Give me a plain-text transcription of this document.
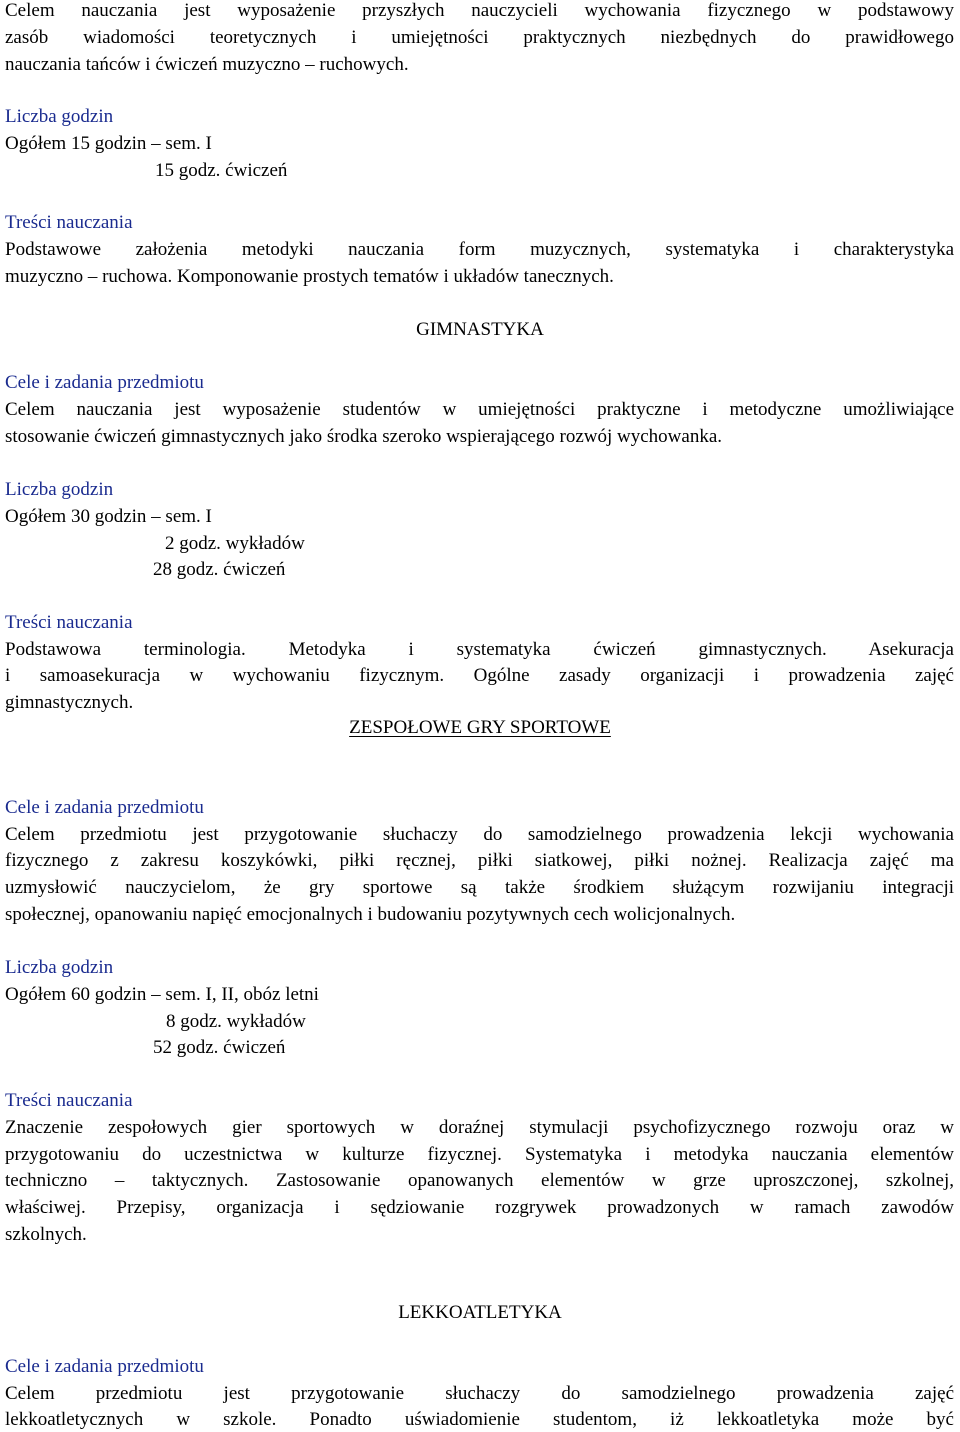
Celem nauczania jest wyposażenie przyszłych nauczycieli wychowania fizycznego w podstawowy
zasób wiadomości teoretycznych i umiejętności praktycznych niezbędnych do prawidłowego
nauczania tańców i ćwiczeń muzyczno – ruchowych.
Liczba godzin
Ogółem 15 godzin – sem. I
15 godz. ćwiczeń
Treści nauczania
Podstawowe założenia metodyki nauczania form muzycznych, systematyka i charakterystyka
muzyczno – ruchowa. Komponowanie prostych tematów i układów tanecznych.
GIMNASTYKA
Cele i zadania przedmiotu
Celem nauczania jest wyposażenie studentów w umiejętności praktyczne i metodyczne umożliwiające
stosowanie ćwiczeń gimnastycznych jako środka szeroko wspierającego rozwój wychowanka.
Liczba godzin
Ogółem 30 godzin – sem. I
2 godz. wykładów
28 godz. ćwiczeń
Treści nauczania
Podstawowa terminologia. Metodyka i systematyka ćwiczeń gimnastycznych. Asekuracja
i samoasekuracja w wychowaniu fizycznym. Ogólne zasady organizacji i prowadzenia zajęć
gimnastycznych.
ZESPOŁOWE GRY SPORTOWE
Cele i zadania przedmiotu
Celem przedmiotu jest przygotowanie słuchaczy do samodzielnego prowadzenia lekcji wychowania
fizycznego z zakresu koszykówki, piłki ręcznej, piłki siatkowej, piłki nożnej. Realizacja zajęć ma
uzmysłowić nauczycielom, że gry sportowe są także środkiem służącym rozwijaniu integracji
społecznej, opanowaniu napięć emocjonalnych i budowaniu pozytywnych cech wolicjonalnych.
Liczba godzin
Ogółem 60 godzin – sem. I, II, obóz letni
8 godz. wykładów
52 godz. ćwiczeń
Treści nauczania
Znaczenie zespołowych gier sportowych w doraźnej stymulacji psychofizycznego rozwoju oraz w
przygotowaniu do uczestnictwa w kulturze fizycznej. Systematyka i metodyka nauczania elementów
techniczno – taktycznych. Zastosowanie opanowanych elementów w grze uproszczonej, szkolnej,
właściwej. Przepisy, organizacja i sędziowanie rozgrywek prowadzonych w ramach zawodów
szkolnych.
LEKKOATLETYKA
Cele i zadania przedmiotu
Celem przedmiotu jest przygotowanie słuchaczy do samodzielnego prowadzenia zajęć
lekkoatletycznych w szkole. Ponadto uświadomienie studentom, iż lekkoatletyka może być
